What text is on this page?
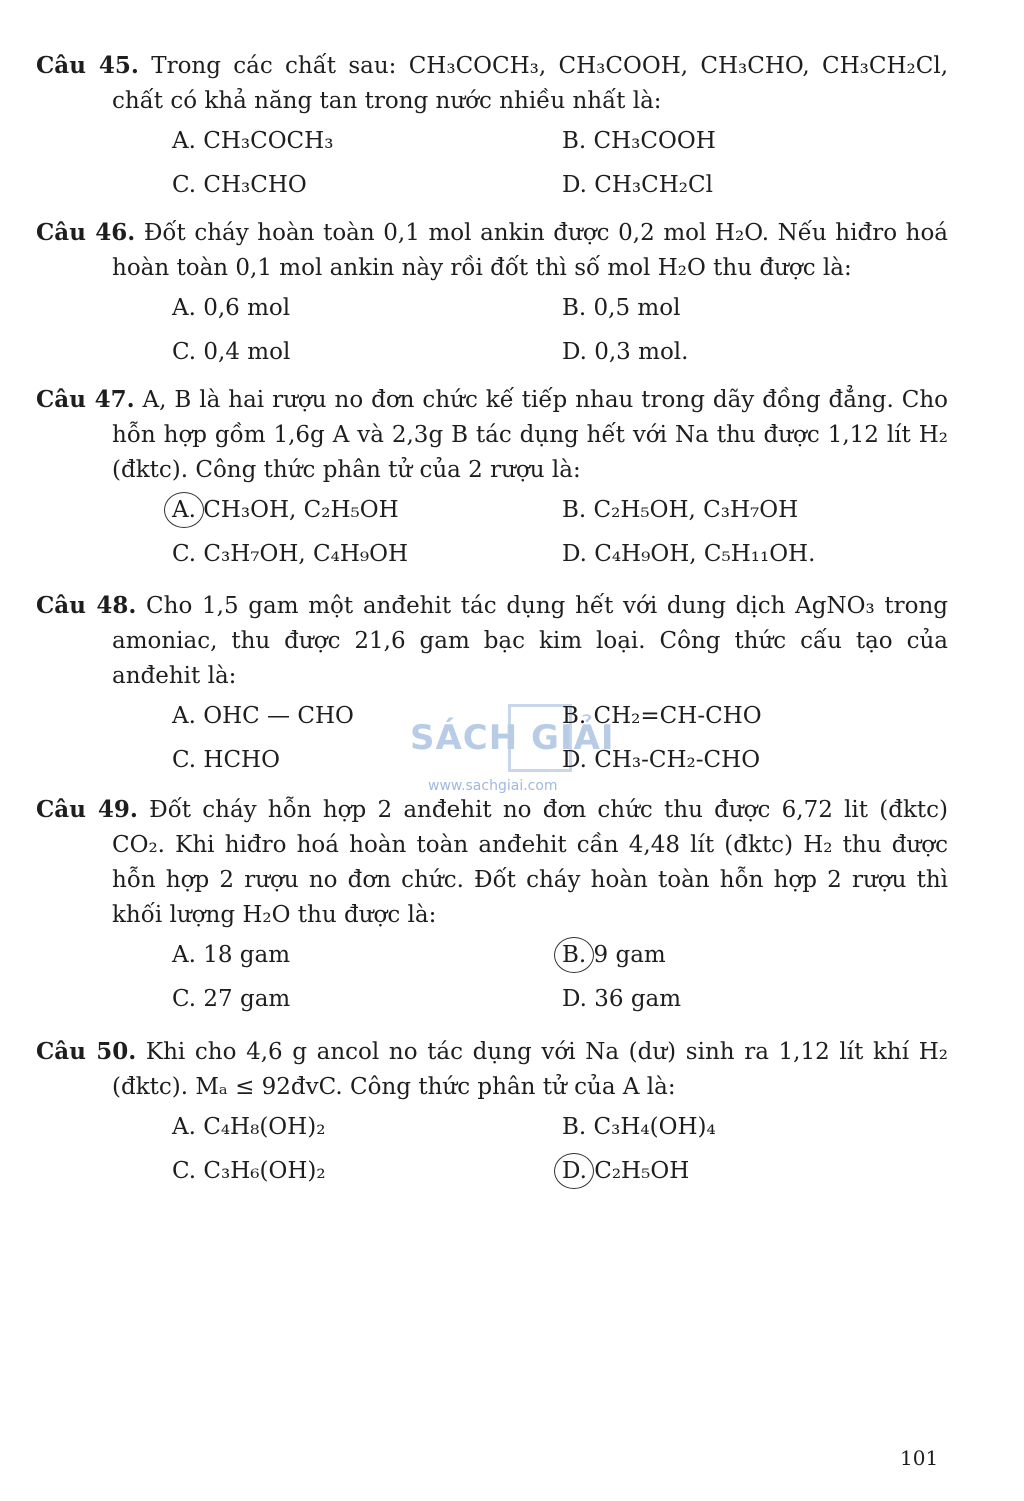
SÁCH GIẢI
www.sachgiai.com
Câu 45. Trong các chất sau: CH₃COCH₃, CH₃COOH, CH₃CHO, CH₃CH₂Cl, chất có khả năng tan trong nước nhiều nhất là:
A. CH₃COCH₃	B. CH₃COOH
C. CH₃CHO	D. CH₃CH₂Cl
Câu 46. Đốt cháy hoàn toàn 0,1 mol ankin được 0,2 mol H₂O. Nếu hiđro hoá hoàn toàn 0,1 mol ankin này rồi đốt thì số mol H₂O thu được là:
A. 0,6 mol	B. 0,5 mol
C. 0,4 mol	D. 0,3 mol.
Câu 47. A, B là hai rượu no đơn chức kế tiếp nhau trong dãy đồng đẳng. Cho hỗn hợp gồm 1,6g A và 2,3g B tác dụng hết với Na thu được 1,12 lít H₂ (đktc). Công thức phân tử của 2 rượu là:
A. CH₃OH, C₂H₅OH	B. C₂H₅OH, C₃H₇OH
C. C₃H₇OH, C₄H₉OH	D. C₄H₉OH, C₅H₁₁OH.
Câu 48. Cho 1,5 gam một anđehit tác dụng hết với dung dịch AgNO₃ trong amoniac, thu được 21,6 gam bạc kim loại. Công thức cấu tạo của anđehit là:
A. OHC — CHO	B. CH₂=CH-CHO
C. HCHO	D. CH₃-CH₂-CHO
Câu 49. Đốt cháy hỗn hợp 2 anđehit no đơn chức thu được 6,72 lit (đktc) CO₂. Khi hiđro hoá hoàn toàn anđehit cần 4,48 lít (đktc) H₂ thu được hỗn hợp 2 rượu no đơn chức. Đốt cháy hoàn toàn hỗn hợp 2 rượu thì khối lượng H₂O thu được là:
A. 18 gam	B. 9 gam
C. 27 gam	D. 36 gam
Câu 50. Khi cho 4,6 g ancol no tác dụng với Na (dư) sinh ra 1,12 lít khí H₂ (đktc). Mₐ ≤ 92đvC. Công thức phân tử của A là:
A. C₄H₈(OH)₂	B. C₃H₄(OH)₄
C. C₃H₆(OH)₂	D. C₂H₅OH
101
